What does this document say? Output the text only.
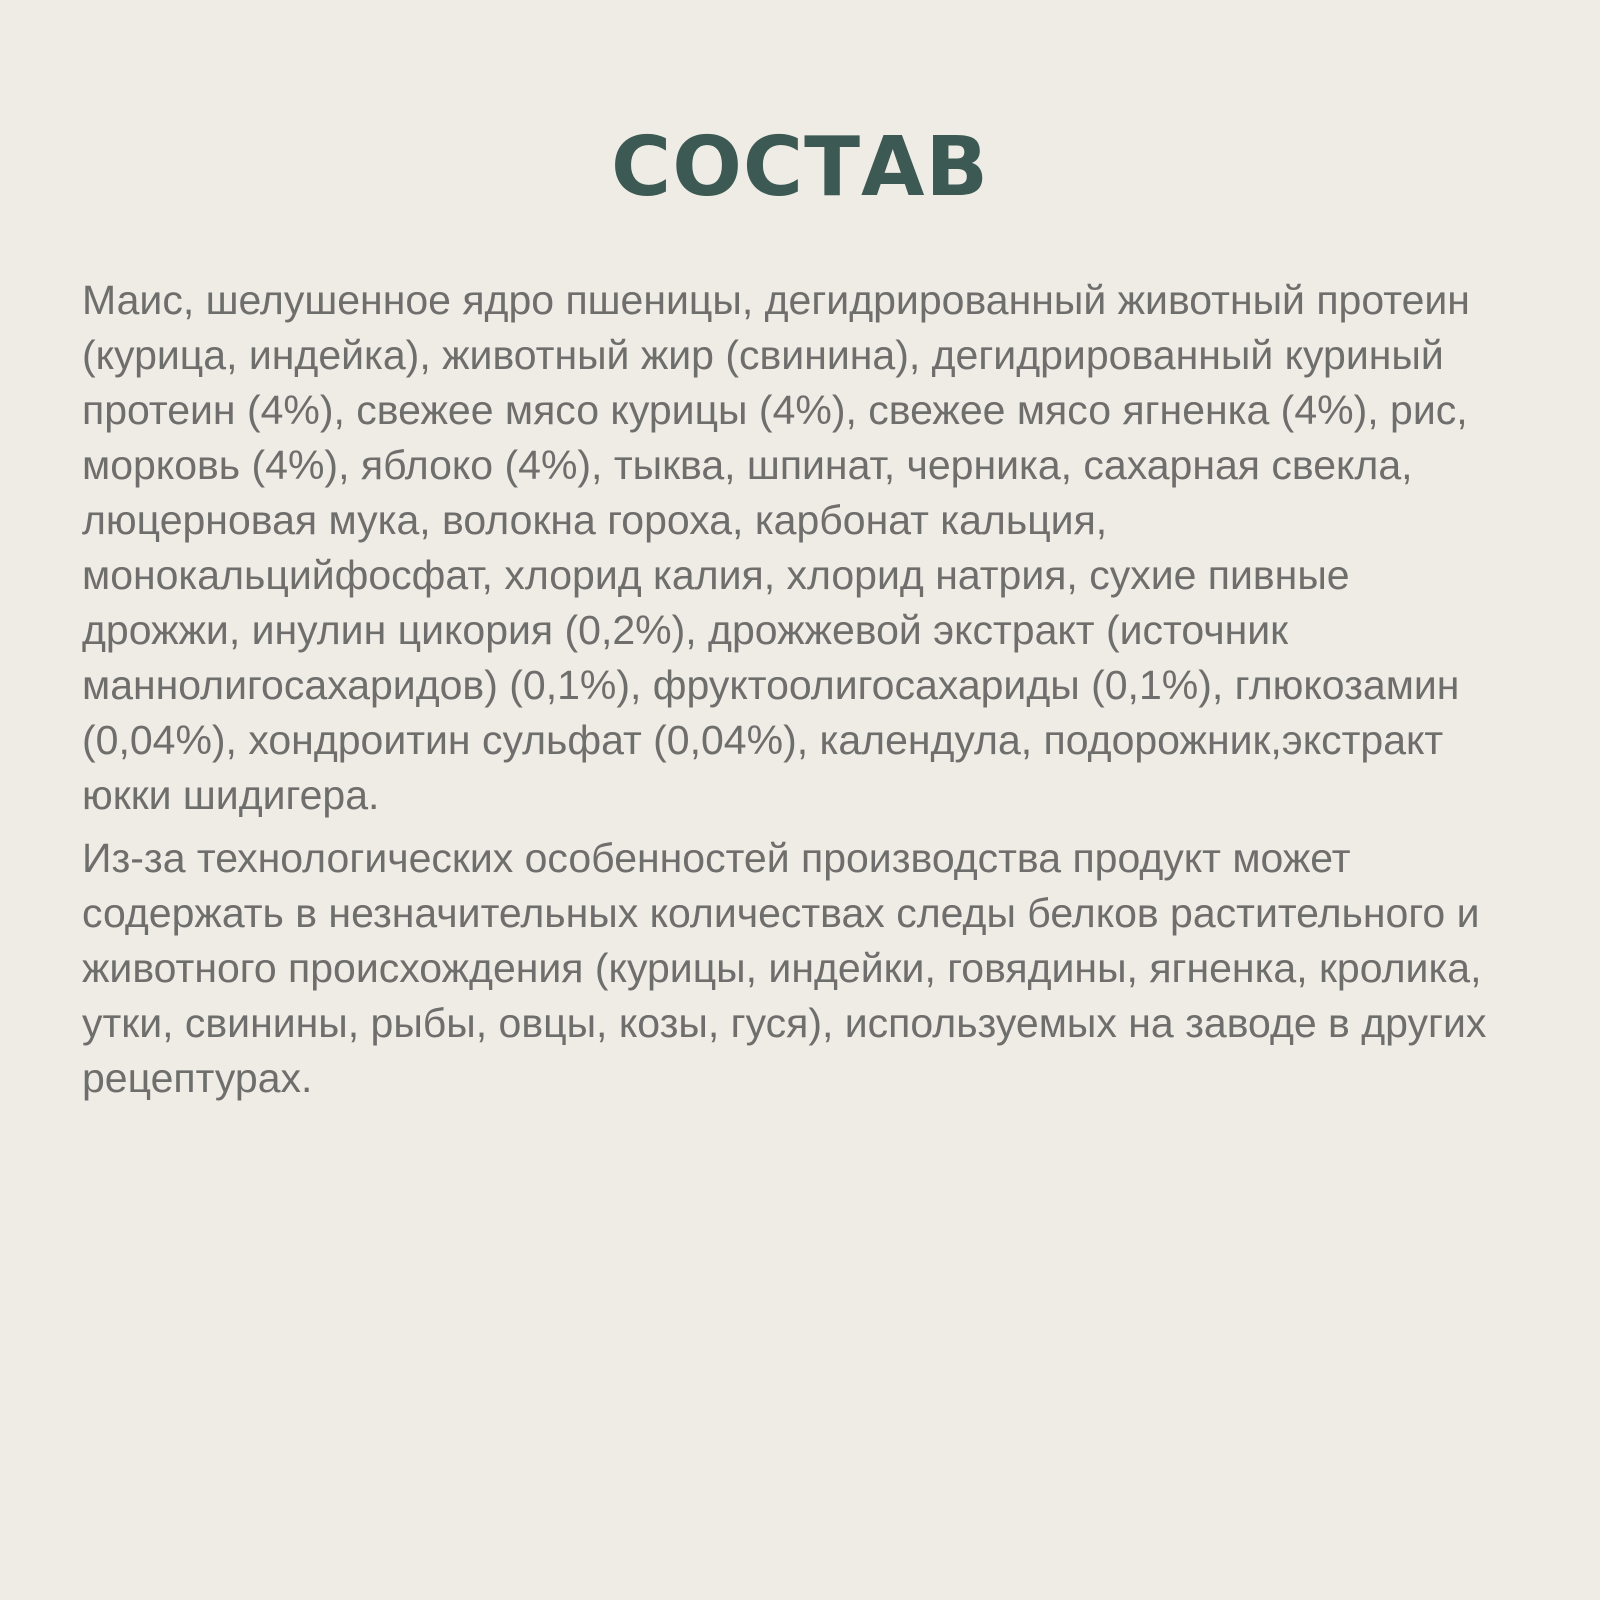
СОСТАВ

Маис, шелушенное ядро пшеницы, дегидрированный животный протеин (курица, индейка), животный жир (свинина), дегидрированный куриный протеин (4%), свежее мясо курицы (4%), свежее мясо ягненка (4%), рис, морковь (4%), яблоко (4%), тыква, шпинат, черника, сахарная свекла, люцерновая мука, волокна гороха, карбонат кальция, монокальцийфосфат, хлорид калия, хлорид натрия, сухие пивные дрожжи, инулин цикория (0,2%), дрожжевой экстракт (источник маннолигосахаридов) (0,1%), фруктоолигосахариды (0,1%), глюкозамин (0,04%), хондроитин сульфат (0,04%), календула, подорожник,экстракт юкки шидигера.

Из-за технологических особенностей производства продукт может содержать в незначительных количествах следы белков растительного и животного происхождения (курицы, индейки, говядины, ягненка, кролика, утки, свинины, рыбы, овцы, козы, гуся), используемых на заводе в других рецептурах.
